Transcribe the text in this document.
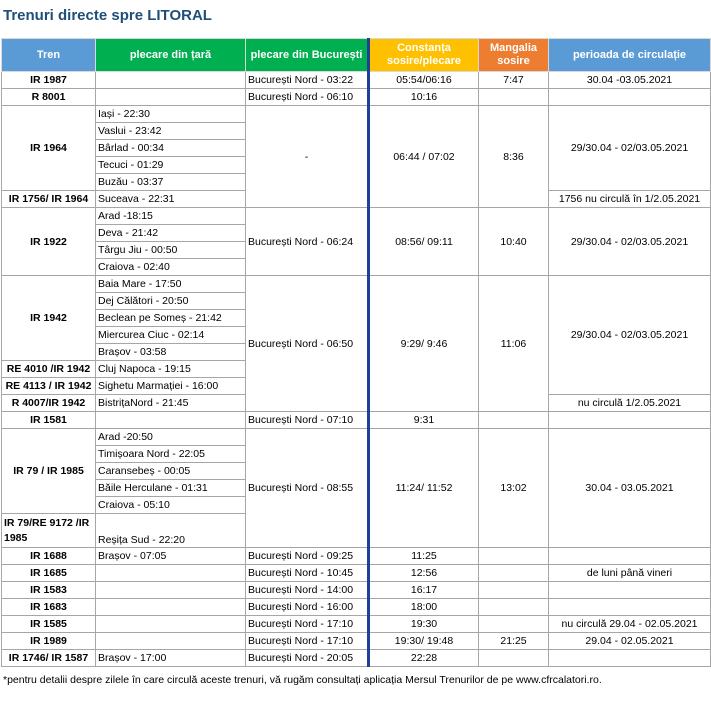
Trenuri directe spre LITORAL
Tren	plecare din țară	plecare din București	Constanța sosire/plecare	Mangalia sosire	perioada de circulație
IR 1987		București Nord - 03:22	05:54/06:16	7:47	30.04 -03.05.2021
R 8001		București Nord - 06:10	10:16		
IR 1964	Iași - 22:30	-	06:44 / 07:02	8:36	29/30.04 - 02/03.05.2021
	Vaslui - 23:42				
	Bârlad - 00:34				
	Tecuci - 01:29				
	Buzău - 03:37				
IR 1756/ IR 1964	Suceava - 22:31				1756 nu circulă în 1/2.05.2021
IR 1922	Arad -18:15	București Nord - 06:24	08:56/ 09:11	10:40	29/30.04 - 02/03.05.2021
	Deva - 21:42				
	Târgu Jiu - 00:50				
	Craiova - 02:40				
IR 1942	Baia Mare - 17:50	București Nord - 06:50	9:29/ 9:46	11:06	29/30.04 - 02/03.05.2021
	Dej Călători - 20:50				
	Beclean pe Someș - 21:42				
	Miercurea Ciuc - 02:14				
	Brașov - 03:58				
RE 4010 /IR 1942	Cluj Napoca - 19:15				
RE 4113 / IR 1942	Sighetu Marmației - 16:00				
R 4007/IR 1942	BistrițaNord - 21:45				nu circulă 1/2.05.2021
IR 1581		București Nord - 07:10	9:31		
IR 79 / IR 1985	Arad -20:50	București Nord - 08:55	11:24/ 11:52	13:02	30.04 - 03.05.2021
	Timișoara Nord - 22:05				
	Caransebeș - 00:05				
	Băile Herculane - 01:31				
	Craiova - 05:10				
IR 79/RE 9172 /IR 1985	Reșița Sud - 22:20				
IR 1688	Brașov - 07:05	București Nord - 09:25	11:25		
IR 1685		București Nord - 10:45	12:56		de luni până vineri
IR 1583		București Nord - 14:00	16:17		
IR 1683		București Nord - 16:00	18:00		
IR 1585		București Nord - 17:10	19:30		nu circulă 29.04 - 02.05.2021
IR 1989		București Nord - 17:10	19:30/ 19:48	21:25	29.04 - 02.05.2021
IR 1746/ IR 1587	Brașov - 17:00	București Nord - 20:05	22:28		
*pentru detalii despre zilele în care circulă aceste trenuri, vă rugăm consultați aplicația Mersul Trenurilor de pe www.cfrcalatori.ro.
